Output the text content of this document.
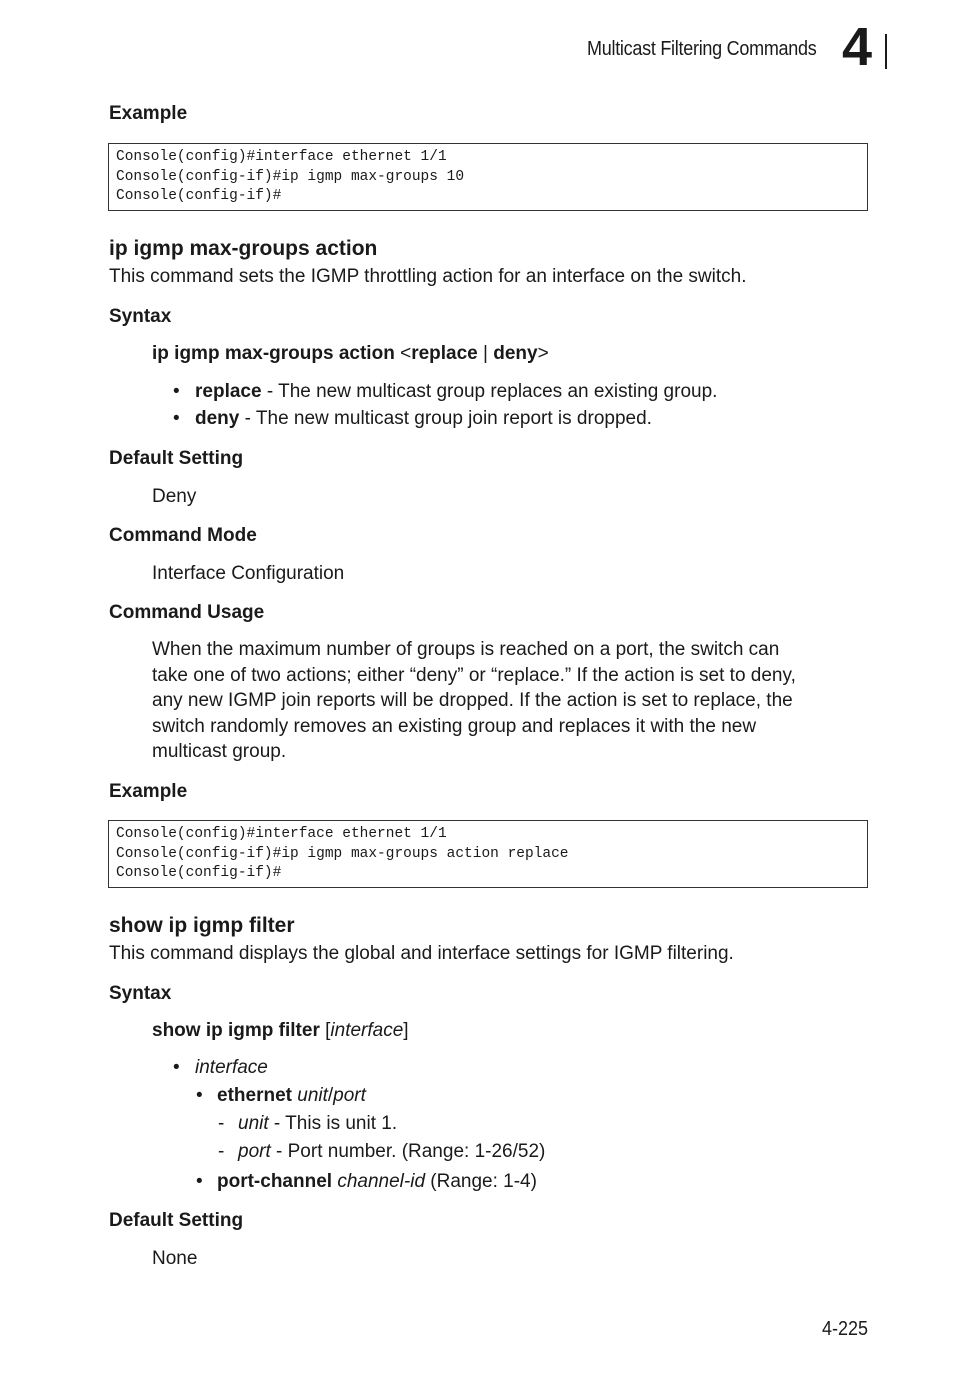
Multicast Filtering Commands 4
Example
Console(config)#interface ethernet 1/1
Console(config-if)#ip igmp max-groups 10
Console(config-if)#
ip igmp max-groups action
This command sets the IGMP throttling action for an interface on the switch.
Syntax
ip igmp max-groups action <replace | deny>
• replace - The new multicast group replaces an existing group.
• deny - The new multicast group join report is dropped.
Default Setting
Deny
Command Mode
Interface Configuration
Command Usage
When the maximum number of groups is reached on a port, the switch can
take one of two actions; either “deny” or “replace.” If the action is set to deny,
any new IGMP join reports will be dropped. If the action is set to replace, the
switch randomly removes an existing group and replaces it with the new
multicast group.
Example
Console(config)#interface ethernet 1/1
Console(config-if)#ip igmp max-groups action replace
Console(config-if)#
show ip igmp filter
This command displays the global and interface settings for IGMP filtering.
Syntax
show ip igmp filter [interface]
• interface
• ethernet unit/port
- unit - This is unit 1.
- port - Port number. (Range: 1-26/52)
• port-channel channel-id (Range: 1-4)
Default Setting
None
4-225
